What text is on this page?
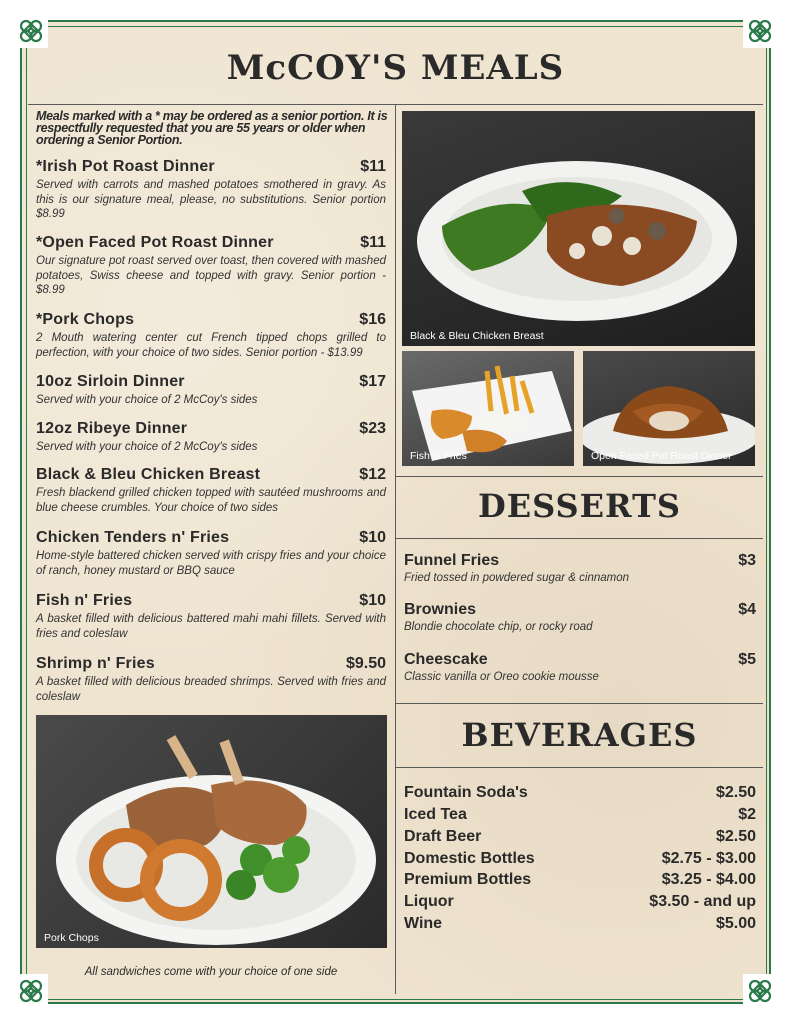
McCOY'S MEALS
Meals marked with a * may be ordered as a senior portion. It is respectfully requested that you are 55 years or older when ordering a Senior Portion.
*Irish Pot Roast Dinner	$11
Served with carrots and mashed potatoes smothered in gravy. As this is our signature meal, please, no substitutions. Senior portion $8.99
*Open Faced Pot Roast Dinner	$11
Our signature pot roast served over toast, then covered with mashed potatoes, Swiss cheese and topped with gravy. Senior portion - $8.99
*Pork Chops	$16
2 Mouth watering center cut French tipped chops grilled to perfection, with your choice of two sides. Senior portion - $13.99
10oz Sirloin Dinner	$17
Served with your choice of 2 McCoy's sides
12oz Ribeye Dinner	$23
Served with your choice of 2 McCoy's sides
Black & Bleu Chicken Breast	$12
Fresh blackend grilled chicken topped with sautéed mushrooms and blue cheese crumbles. Your choice of two sides
Chicken Tenders n' Fries	$10
Home-style battered chicken served with crispy fries and your choice of ranch, honey mustard or BBQ sauce
Fish n' Fries	$10
A basket filled with delicious battered mahi mahi fillets. Served with fries and coleslaw
Shrimp n' Fries	$9.50
A basket filled with delicious breaded shrimps. Served with fries and coleslaw
Pork Chops
All sandwiches come with your choice of one side
Black & Bleu Chicken Breast
Fish n' Fries	Open Faced Pot Roast Dinner
DESSERTS
Funnel Fries	$3
Fried tossed in powdered sugar & cinnamon
Brownies	$4
Blondie chocolate chip, or rocky road
Cheescake	$5
Classic vanilla or Oreo cookie mousse
BEVERAGES
Fountain Soda's	$2.50
Iced Tea	$2
Draft Beer	$2.50
Domestic Bottles	$2.75 - $3.00
Premium Bottles	$3.25 - $4.00
Liquor	$3.50 - and up
Wine	$5.00
